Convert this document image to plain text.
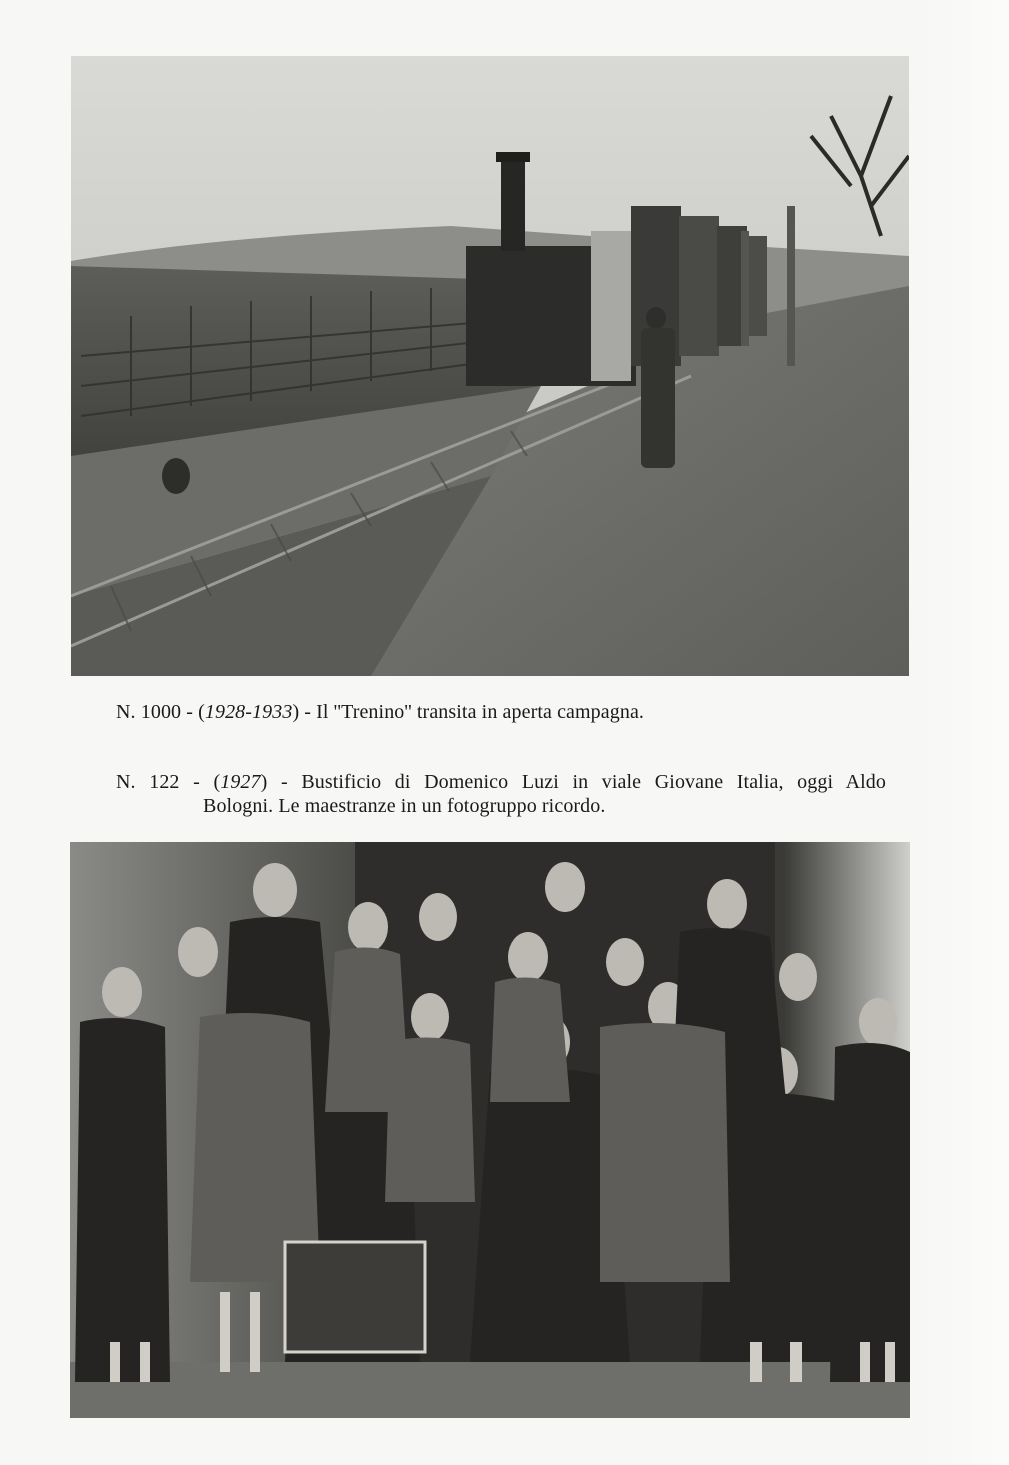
N. 1000 - (1928-1933) - Il ''Trenino'' transita in aperta campagna.
N. 122 - (1927) - Bustificio di Domenico Luzi in viale Giovane Italia, oggi Aldo
Bologni. Le maestranze in un fotogruppo ricordo.
